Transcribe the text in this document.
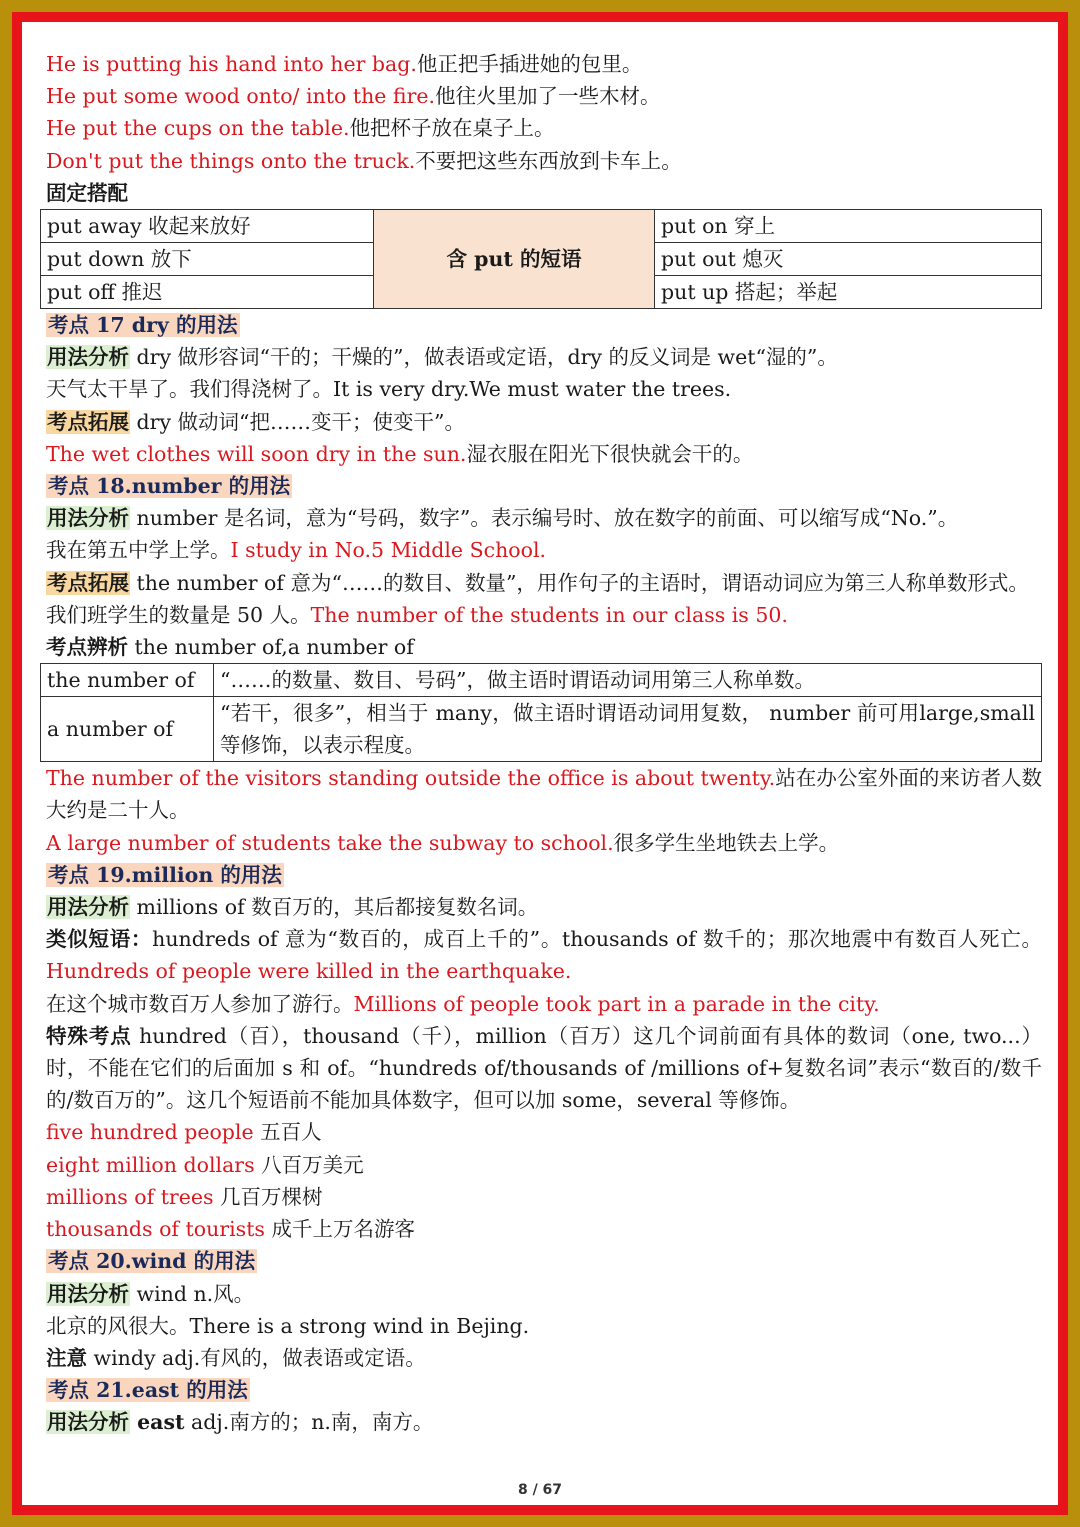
He is putting his hand into her bag.他正把手插进她的包里。
He put some wood onto/ into the fire.他往火里加了一些木材。
He put the cups on the table.他把杯子放在桌子上。
Don't put the things onto the truck.不要把这些东西放到卡车上。
固定搭配
put away 收起来放好	含 put 的短语	put on 穿上
put down 放下		put out 熄灭
put off 推迟		put up 搭起；举起
考点 17 dry 的用法
用法分析 dry 做形容词“干的；干燥的”，做表语或定语，dry 的反义词是 wet“湿的”。
天气太干旱了。我们得浇树了。It is very dry.We must water the trees.
考点拓展 dry 做动词“把……变干；使变干”。
The wet clothes will soon dry in the sun.湿衣服在阳光下很快就会干的。
考点 18.number 的用法
用法分析 number 是名词，意为“号码，数字”。表示编号时、放在数字的前面、可以缩写成“No.”。
我在第五中学上学。I study in No.5 Middle School.
考点拓展 the number of 意为“……的数目、数量”，用作句子的主语时，谓语动词应为第三人称单数形式。
我们班学生的数量是 50 人。The number of the students in our class is 50.
考点辨析 the number of,a number of
the number of	“……的数量、数目、号码”，做主语时谓语动词用第三人称单数。
a number of	“若干，很多”，相当于 many，做主语时谓语动词用复数， number 前可用large,small 等修饰，以表示程度。
The number of the visitors standing outside the office is about twenty.站在办公室外面的来访者人数大约是二十人。
A large number of students take the subway to school.很多学生坐地铁去上学。
考点 19.million 的用法
用法分析 millions of 数百万的，其后都接复数名词。
类似短语：hundreds of 意为“数百的，成百上千的”。thousands of 数千的；那次地震中有数百人死亡。Hundreds of people were killed in the earthquake.
在这个城市数百万人参加了游行。Millions of people took part in a parade in the city.
特殊考点 hundred（百），thousand（千），million（百万）这几个词前面有具体的数词（one, two...）时，不能在它们的后面加 s 和 of。“hundreds of/thousands of /millions of+复数名词”表示“数百的/数千的/数百万的”。这几个短语前不能加具体数字，但可以加 some，several 等修饰。
five hundred people 五百人
eight million dollars 八百万美元
millions of trees 几百万棵树
thousands of tourists 成千上万名游客
考点 20.wind 的用法
用法分析 wind n.风。
北京的风很大。There is a strong wind in Bejing.
注意 windy adj.有风的，做表语或定语。
考点 21.east 的用法
用法分析 east adj.南方的；n.南，南方。
8 / 67
